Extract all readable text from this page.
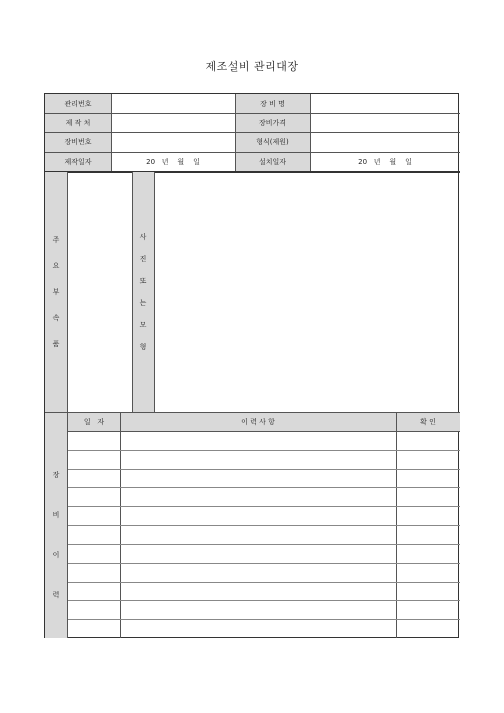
제조설비 관리대장
관리번호	장 비 명
제 작 처	장비가격
장비번호	형식(제원)
제작일자	20   년    월    일	설치일자	20   년    월    일
주
요
부
속
품
사
진
또
는
모
형
장
비
이
력
일   자	이 력 사 항	확 인
